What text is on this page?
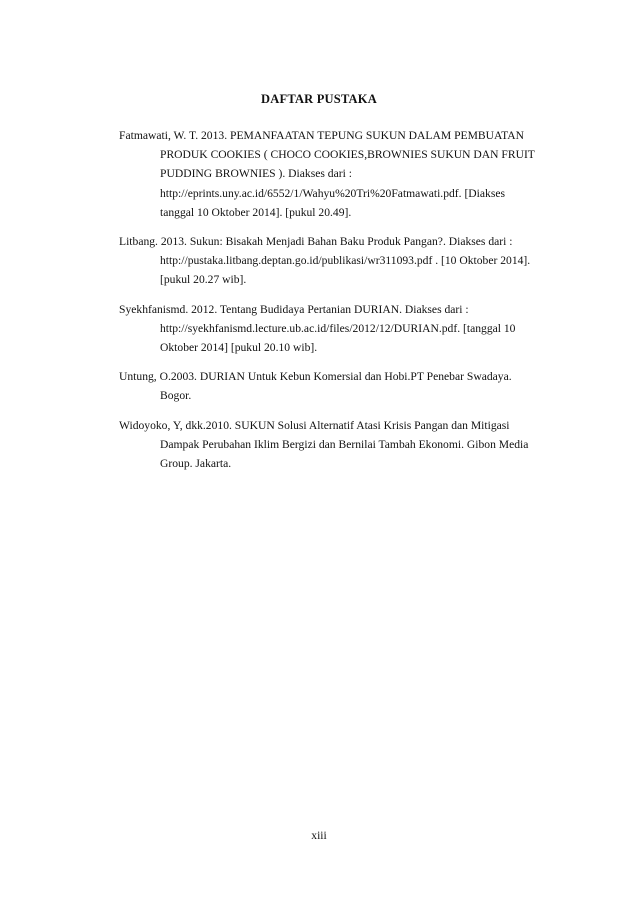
DAFTAR PUSTAKA
Fatmawati, W. T. 2013. PEMANFAATAN TEPUNG SUKUN DALAM PEMBUATAN
PRODUK COOKIES ( CHOCO COOKIES,BROWNIES SUKUN DAN FRUIT
PUDDING BROWNIES ). Diakses dari :
http://eprints.uny.ac.id/6552/1/Wahyu%20Tri%20Fatmawati.pdf. [Diakses
tanggal 10 Oktober 2014]. [pukul 20.49].
Litbang. 2013. Sukun: Bisakah Menjadi Bahan Baku Produk Pangan?. Diakses dari :
http://pustaka.litbang.deptan.go.id/publikasi/wr311093.pdf . [10 Oktober 2014].
[pukul 20.27 wib].
Syekhfanismd. 2012. Tentang Budidaya Pertanian DURIAN. Diakses dari :
http://syekhfanismd.lecture.ub.ac.id/files/2012/12/DURIAN.pdf. [tanggal 10
Oktober 2014] [pukul 20.10 wib].
Untung, O.2003. DURIAN Untuk Kebun Komersial dan Hobi.PT Penebar Swadaya.
Bogor.
Widoyoko, Y, dkk.2010. SUKUN Solusi Alternatif Atasi Krisis Pangan dan Mitigasi
Dampak Perubahan Iklim Bergizi dan Bernilai Tambah Ekonomi. Gibon Media
Group. Jakarta.
xiii
